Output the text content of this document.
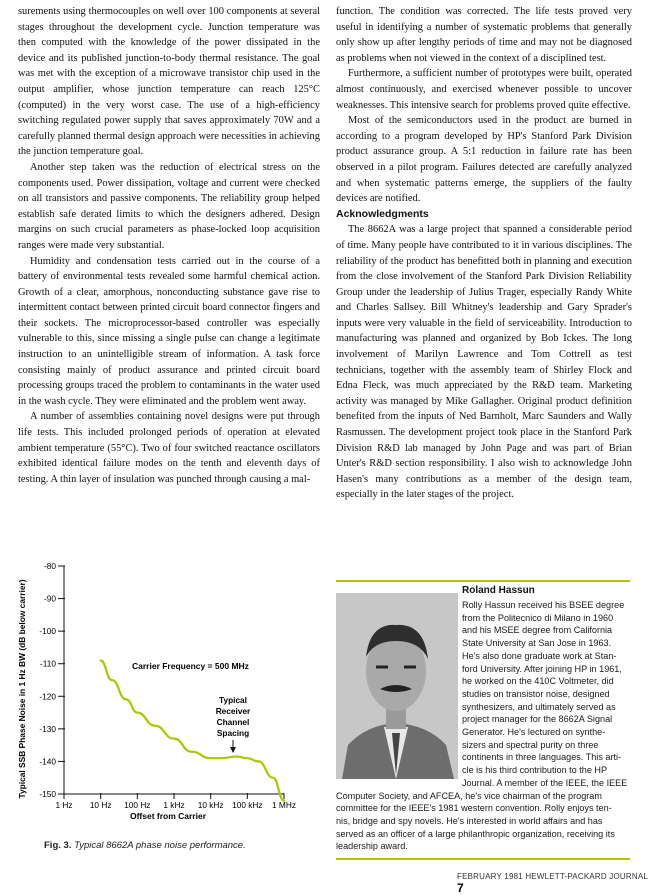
surements using thermocouples on well over 100 components at several stages throughout the development cycle. Junction temperature was then computed with the knowledge of the power dissipated in the device and its published junction-to-body thermal resistance. The goal was met with the exception of a microwave transistor chip used in the output amplifier, whose junction temperature can reach 125°C (computed) in the very worst case. The use of a high-efficiency switching regulated power supply that saves approximately 70W and a carefully planned thermal design approach were necessities in achieving the junction temperature goal.

Another step taken was the reduction of electrical stress on the components used. Power dissipation, voltage and current were checked on all transistors and passive components. The reliability group helped establish safe derated limits to which the designers adhered. Design margins on such crucial parameters as phase-locked loop acquisition ranges were made very substantial.

Humidity and condensation tests carried out in the course of a battery of environmental tests revealed some harmful chemical action. Growth of a clear, amorphous, nonconducting substance gave rise to intermittent contact between printed circuit board connector fingers and their sockets. The microprocessor-based controller was especially vulnerable to this, since missing a single pulse can change a legitimate instruction to an unintelligible stream of information. A task force consisting mainly of product assurance and printed circuit board processing groups traced the problem to contaminants in the water used in the wash cycle. They were eliminated and the problem went away.

A number of assemblies containing novel designs were put through life tests. This included prolonged periods of operation at elevated ambient temperature (55°C). Two of four switched reactance oscillators exhibited identical failure modes on the tenth and eleventh days of testing. A thin layer of insulation was punched through causing a mal-

function. The condition was corrected. The life tests proved very useful in identifying a number of systematic problems that generally only show up after lengthy periods of time and may not be diagnosed as problems when not viewed in the context of a disciplined test.

Furthermore, a sufficient number of prototypes were built, operated almost continuously, and exercised whenever possible to uncover weaknesses. This intensive search for problems proved quite effective.

Most of the semiconductors used in the product are burned in according to a program developed by HP's Stanford Park Division product assurance group. A 5:1 reduction in failure rate has been observed in a pilot program. Failures detected are carefully analyzed and when systematic patterns emerge, the suppliers of the faulty devices are notified.

Acknowledgments

The 8662A was a large project that spanned a considerable period of time. Many people have contributed to it in various disciplines. The reliability of the product has benefitted both in planning and execution from the close involvement of the Stanford Park Division Reliability Group under the leadership of Julius Trager, especially Randy White and Charles Sallsey. Bill Whitney's leadership and Gary Sprader's inputs were very valuable in the field of serviceability. Introduction to manufacturing was planned and organized by Bob Ickes. The long involvement of Marilyn Lawrence and Tom Cottrell as test technicians, together with the assembly team of Shirley Flock and Edna Fleck, was much appreciated by the R&D team. Marketing activity was managed by Mike Gallagher. Original product definition benefited from the inputs of Ned Barnholt, Marc Saunders and Wally Rasmussen. The development project took place in the Stanford Park Division R&D lab managed by John Page and was part of Brian Unter's R&D section responsibility. I also wish to acknowledge John Hasen's many contributions as a member of the design team, especially in the later stages of the project.

-80
-90
-100
-110
-120
-130
-140
-150
1 Hz 10 Hz 100 Hz 1 kHz 10 kHz 100 kHz 1 MHz
Typical SSB Phase Noise in 1 Hz BW (dB below carrier)
Offset from Carrier
Carrier Frequency = 500 MHz
Typical
Receiver
Channel
Spacing
Fig. 3. Typical 8662A phase noise performance.
Roland Hassun
Rolly Hassun received his BSEE degree
from the Politecnico di Milano in 1960
and his MSEE degree from California
State University at San Jose in 1963.
He's also done graduate work at Stan-
ford University. After joining HP in 1961,
he worked on the 410C Voltmeter, did
studies on transistor noise, designed
synthesizers, and ultimately served as
project manager for the 8662A Signal
Generator. He's lectured on synthe-
sizers and spectral purity on three
continents in three languages. This arti-
cle is his third contribution to the HP
Journal. A member of the IEEE, the IEEE
Computer Society, and AFCEA, he's vice chairman of the program
committee for the IEEE's 1981 western convention. Rolly enjoys ten-
nis, bridge and spy novels. He's interested in world affairs and has
served as an officer of a large philanthropic organization, receiving its
leadership award.
FEBRUARY 1981 HEWLETT-PACKARD JOURNAL 7
